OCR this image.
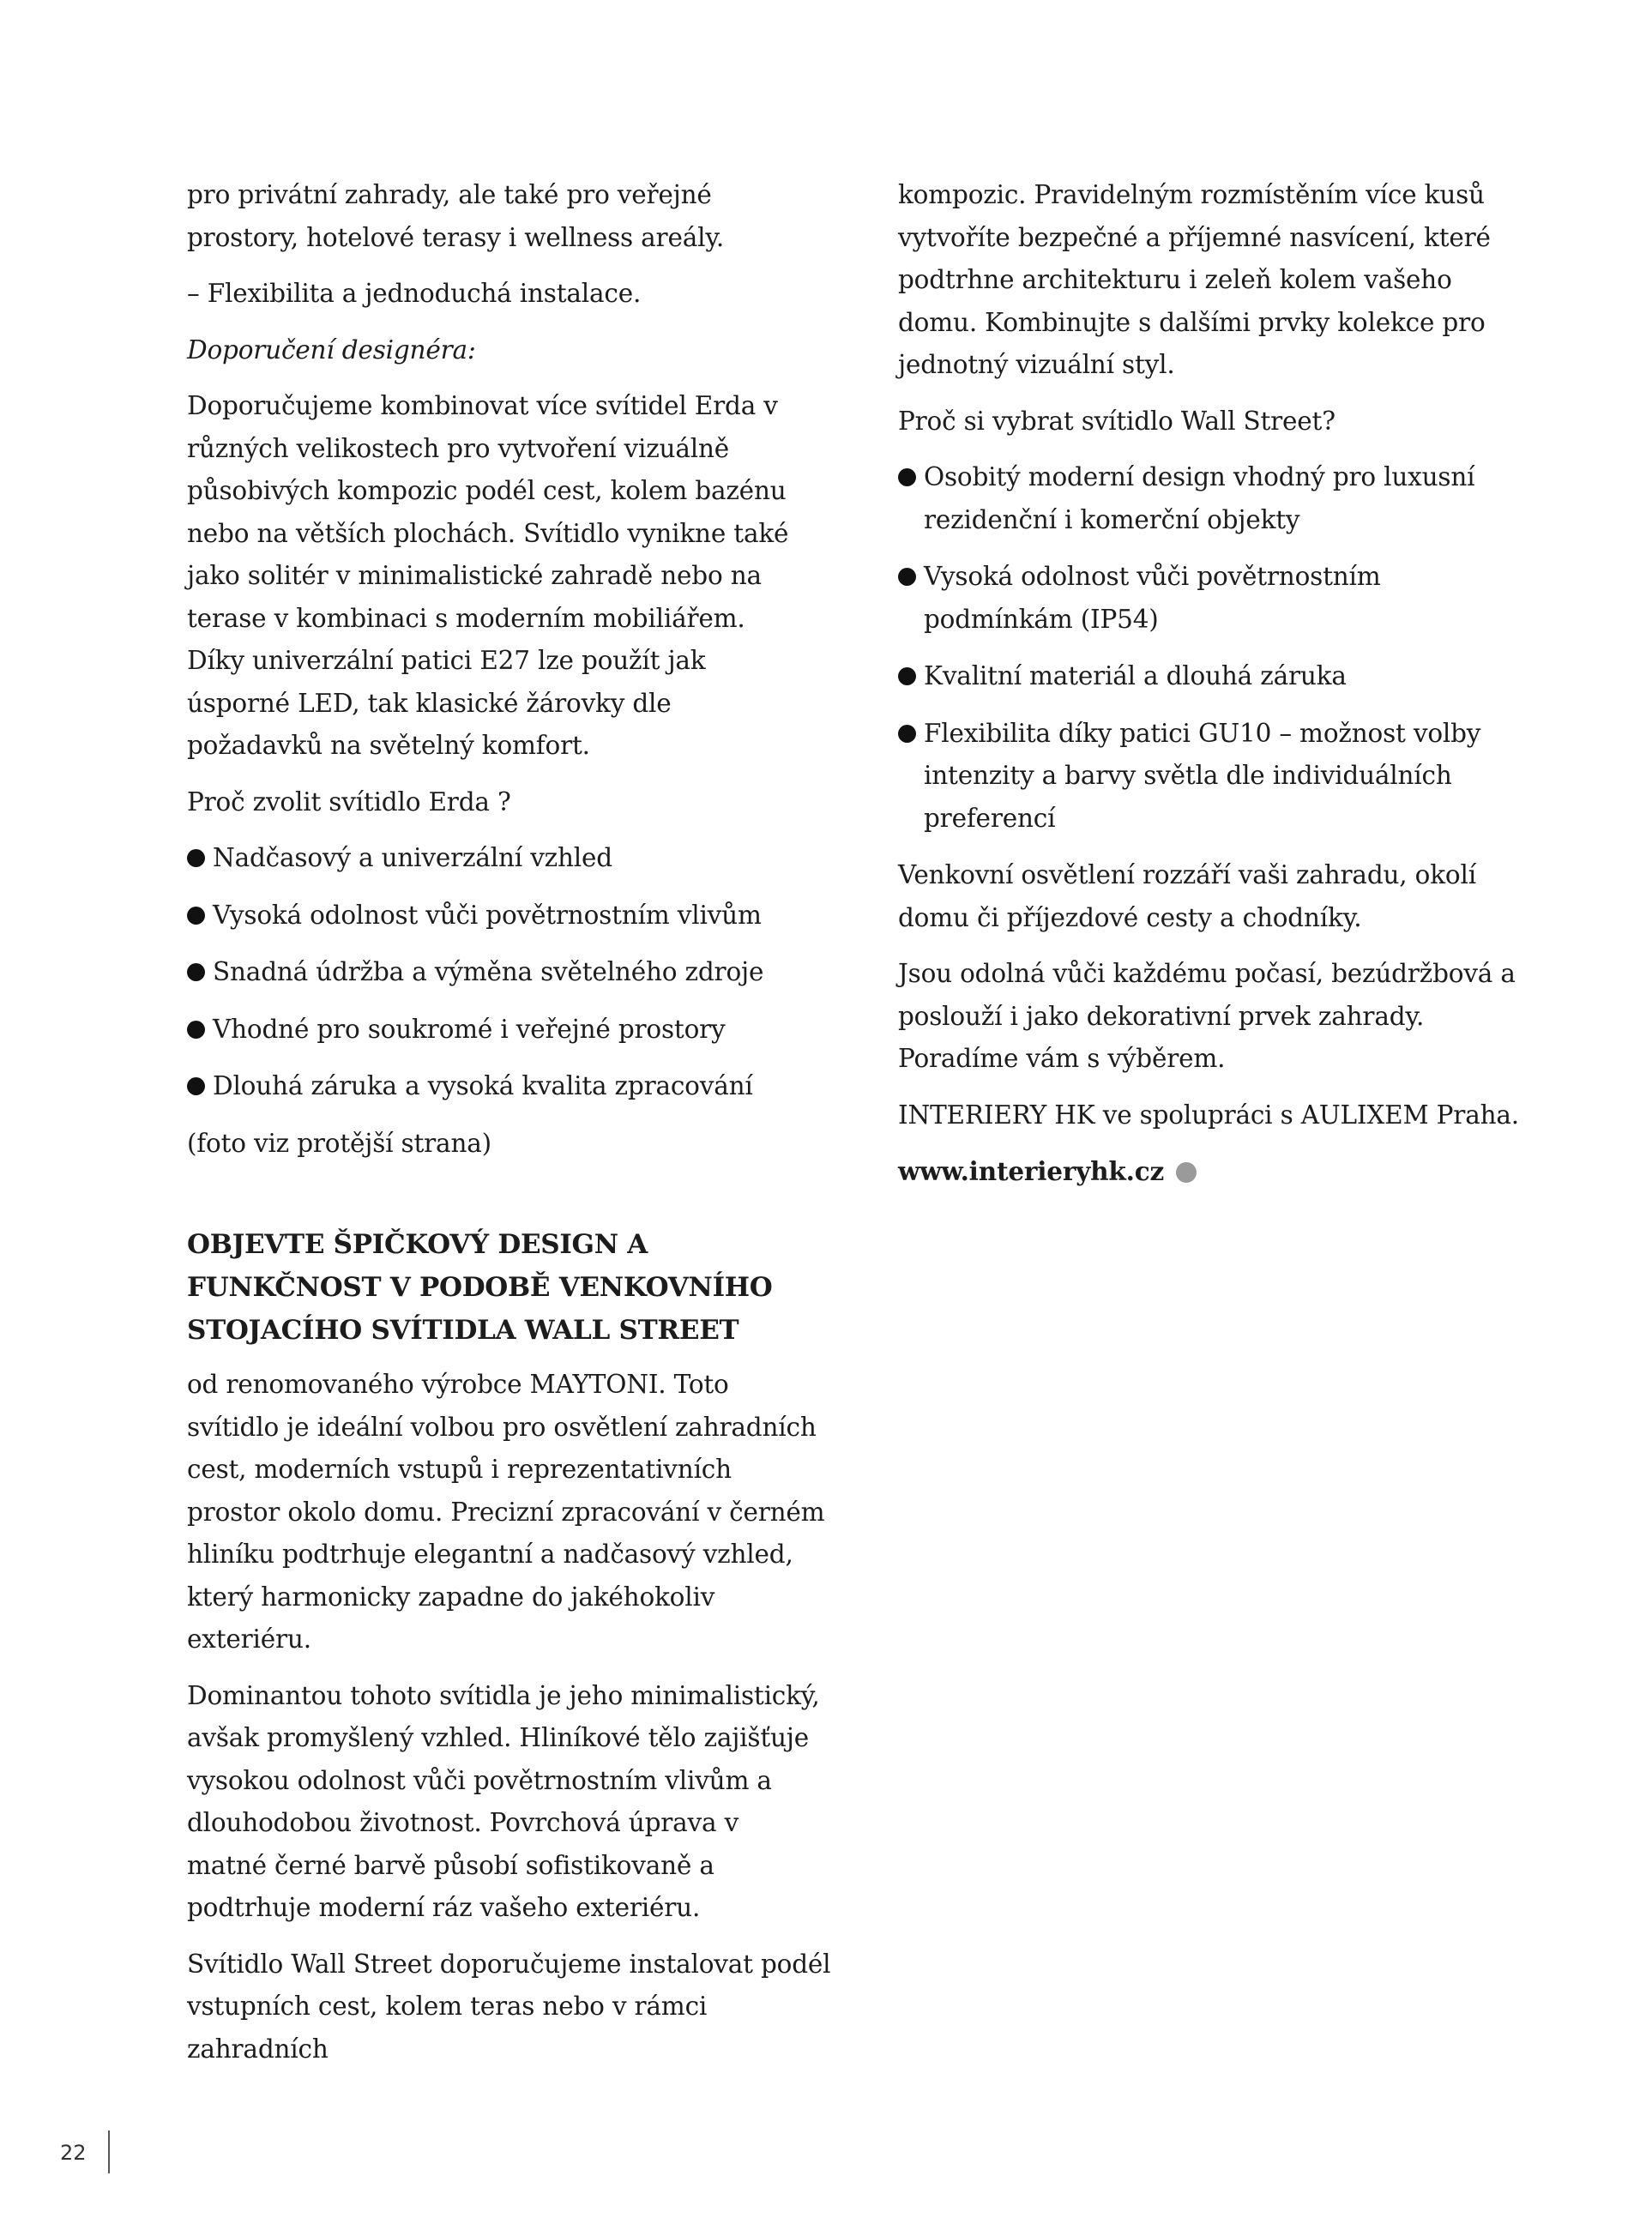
pro privátní zahrady, ale také pro veřejné prostory, hotelové terasy i wellness areály.

– Flexibilita a jednoduchá instalace.

Doporučení designéra:

Doporučujeme kombinovat více svítidel Erda v různých velikostech pro vytvoření vizuálně působivých kompozic podél cest, kolem bazénu nebo na větších plochách. Svítidlo vynikne také jako solitér v minimalistické zahradě nebo na terase v kombinaci s moderním mobiliářem. Díky univerzální patici E27 lze použít jak úsporné LED, tak klasické žárovky dle požadavků na světelný komfort.

Proč zvolit svítidlo Erda ?

Nadčasový a univerzální vzhled
Vysoká odolnost vůči povětrnostním vlivům
Snadná údržba a výměna světelného zdroje
Vhodné pro soukromé i veřejné prostory
Dlouhá záruka a vysoká kvalita zpracování

(foto viz protější strana)

OBJEVTE ŠPIČKOVÝ DESIGN A FUNKČNOST V PODOBĚ VENKOVNÍHO STOJACÍHO SVÍTIDLA WALL STREET

od renomovaného výrobce MAYTONI. Toto svítidlo je ideální volbou pro osvětlení zahradních cest, moderních vstupů i reprezentativních prostor okolo domu. Precizní zpracování v černém hliníku podtrhuje elegantní a nadčasový vzhled, který harmonicky zapadne do jakéhokoliv exteriéru.

Dominantou tohoto svítidla je jeho minimalistický, avšak promyšlený vzhled. Hliníkové tělo zajišťuje vysokou odolnost vůči povětrnostním vlivům a dlouhodobou životnost. Povrchová úprava v matné černé barvě působí sofistikovaně a podtrhuje moderní ráz vašeho exteriéru.

Svítidlo Wall Street doporučujeme instalovat podél vstupních cest, kolem teras nebo v rámci zahradních

kompozic. Pravidelným rozmístěním více kusů vytvoříte bezpečné a příjemné nasvícení, které podtrhne architekturu i zeleň kolem vašeho domu. Kombinujte s dalšími prvky kolekce pro jednotný vizuální styl.

Proč si vybrat svítidlo Wall Street?

Osobitý moderní design vhodný pro luxusní rezidenční i komerční objekty
Vysoká odolnost vůči povětrnostním podmínkám (IP54)
Kvalitní materiál a dlouhá záruka
Flexibilita díky patici GU10 – možnost volby intenzity a barvy světla dle individuálních preferencí

Venkovní osvětlení rozzáří vaši zahradu, okolí domu či příjezdové cesty a chodníky.

Jsou odolná vůči každému počasí, bezúdržbová a poslouží i jako dekorativní prvek zahrady. Poradíme vám s výběrem.

INTERIERY HK ve spolupráci s AULIXEM Praha.

www.interieryhk.cz

22
